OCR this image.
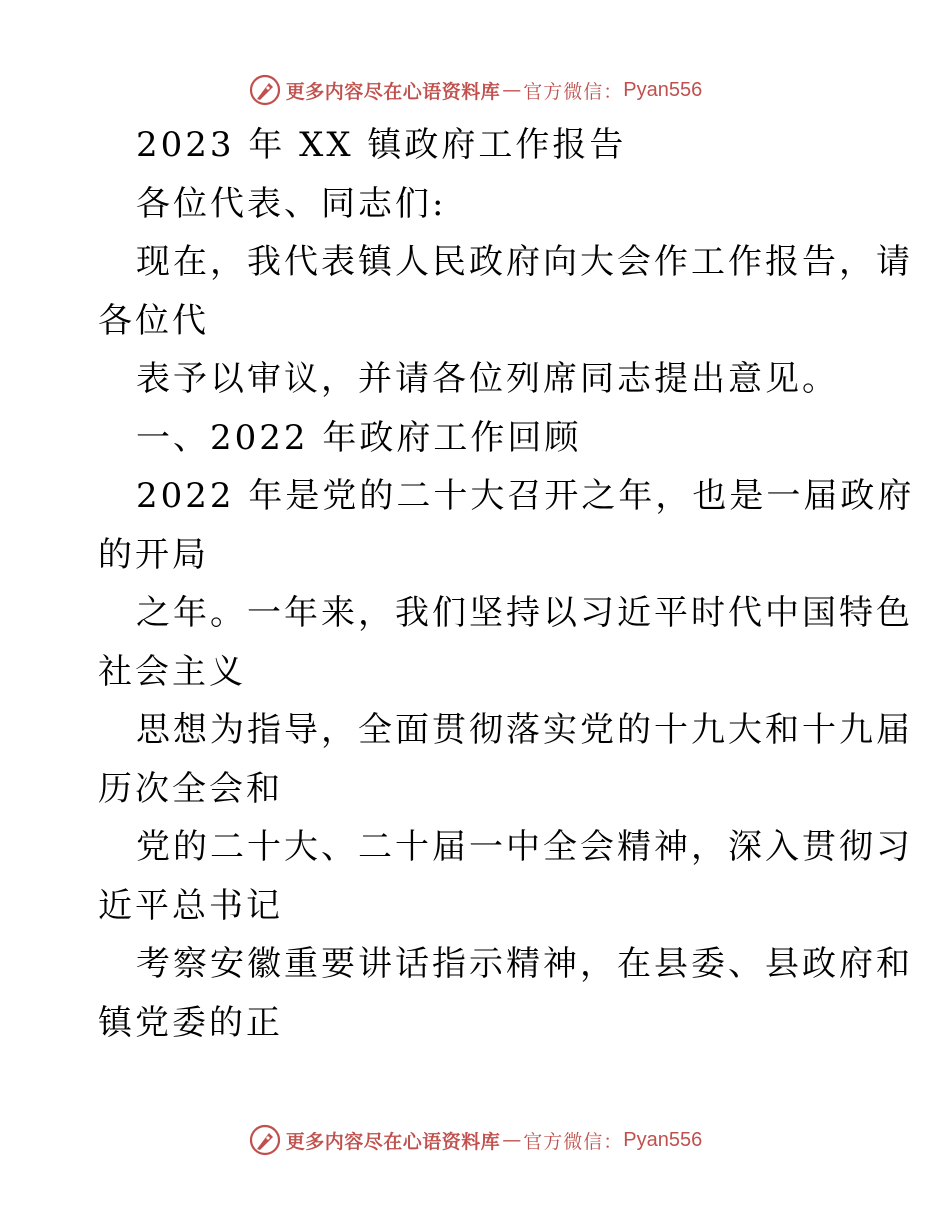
更多内容尽在心语资料库 — 官方微信： Pyan556
2023 年 XX 镇政府工作报告
各位代表、同志们:
现在，我代表镇人民政府向大会作工作报告，请
各位代
表予以审议，并请各位列席同志提出意见。
一、2022 年政府工作回顾
2022 年是党的二十大召开之年，也是一届政府
的开局
之年。一年来，我们坚持以习近平时代中国特色
社会主义
思想为指导，全面贯彻落实党的十九大和十九届
历次全会和
党的二十大、二十届一中全会精神，深入贯彻习
近平总书记
考察安徽重要讲话指示精神，在县委、县政府和
镇党委的正
更多内容尽在心语资料库 — 官方微信： Pyan556
